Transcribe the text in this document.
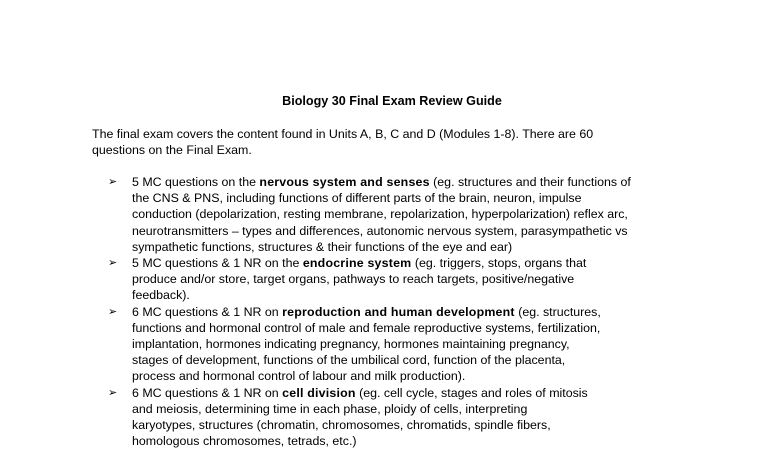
Biology 30 Final Exam Review Guide
The final exam covers the content found in Units A, B, C and D (Modules 1-8). There are 60
questions on the Final Exam.
➢ 5 MC questions on the nervous system and senses (eg. structures and their functions of
the CNS & PNS, including functions of different parts of the brain, neuron, impulse
conduction (depolarization, resting membrane, repolarization, hyperpolarization) reflex arc,
neurotransmitters – types and differences, autonomic nervous system, parasympathetic vs
sympathetic functions, structures & their functions of the eye and ear)
➢ 5 MC questions & 1 NR on the endocrine system (eg. triggers, stops, organs that
produce and/or store, target organs, pathways to reach targets, positive/negative
feedback).
➢ 6 MC questions & 1 NR on reproduction and human development (eg. structures,
functions and hormonal control of male and female reproductive systems, fertilization,
implantation, hormones indicating pregnancy, hormones maintaining pregnancy,
stages of development, functions of the umbilical cord, function of the placenta,
process and hormonal control of labour and milk production).
➢ 6 MC questions & 1 NR on cell division (eg. cell cycle, stages and roles of mitosis
and meiosis, determining time in each phase, ploidy of cells, interpreting
karyotypes, structures (chromatin, chromosomes, chromatids, spindle fibers,
homologous chromosomes, tetrads, etc.)
